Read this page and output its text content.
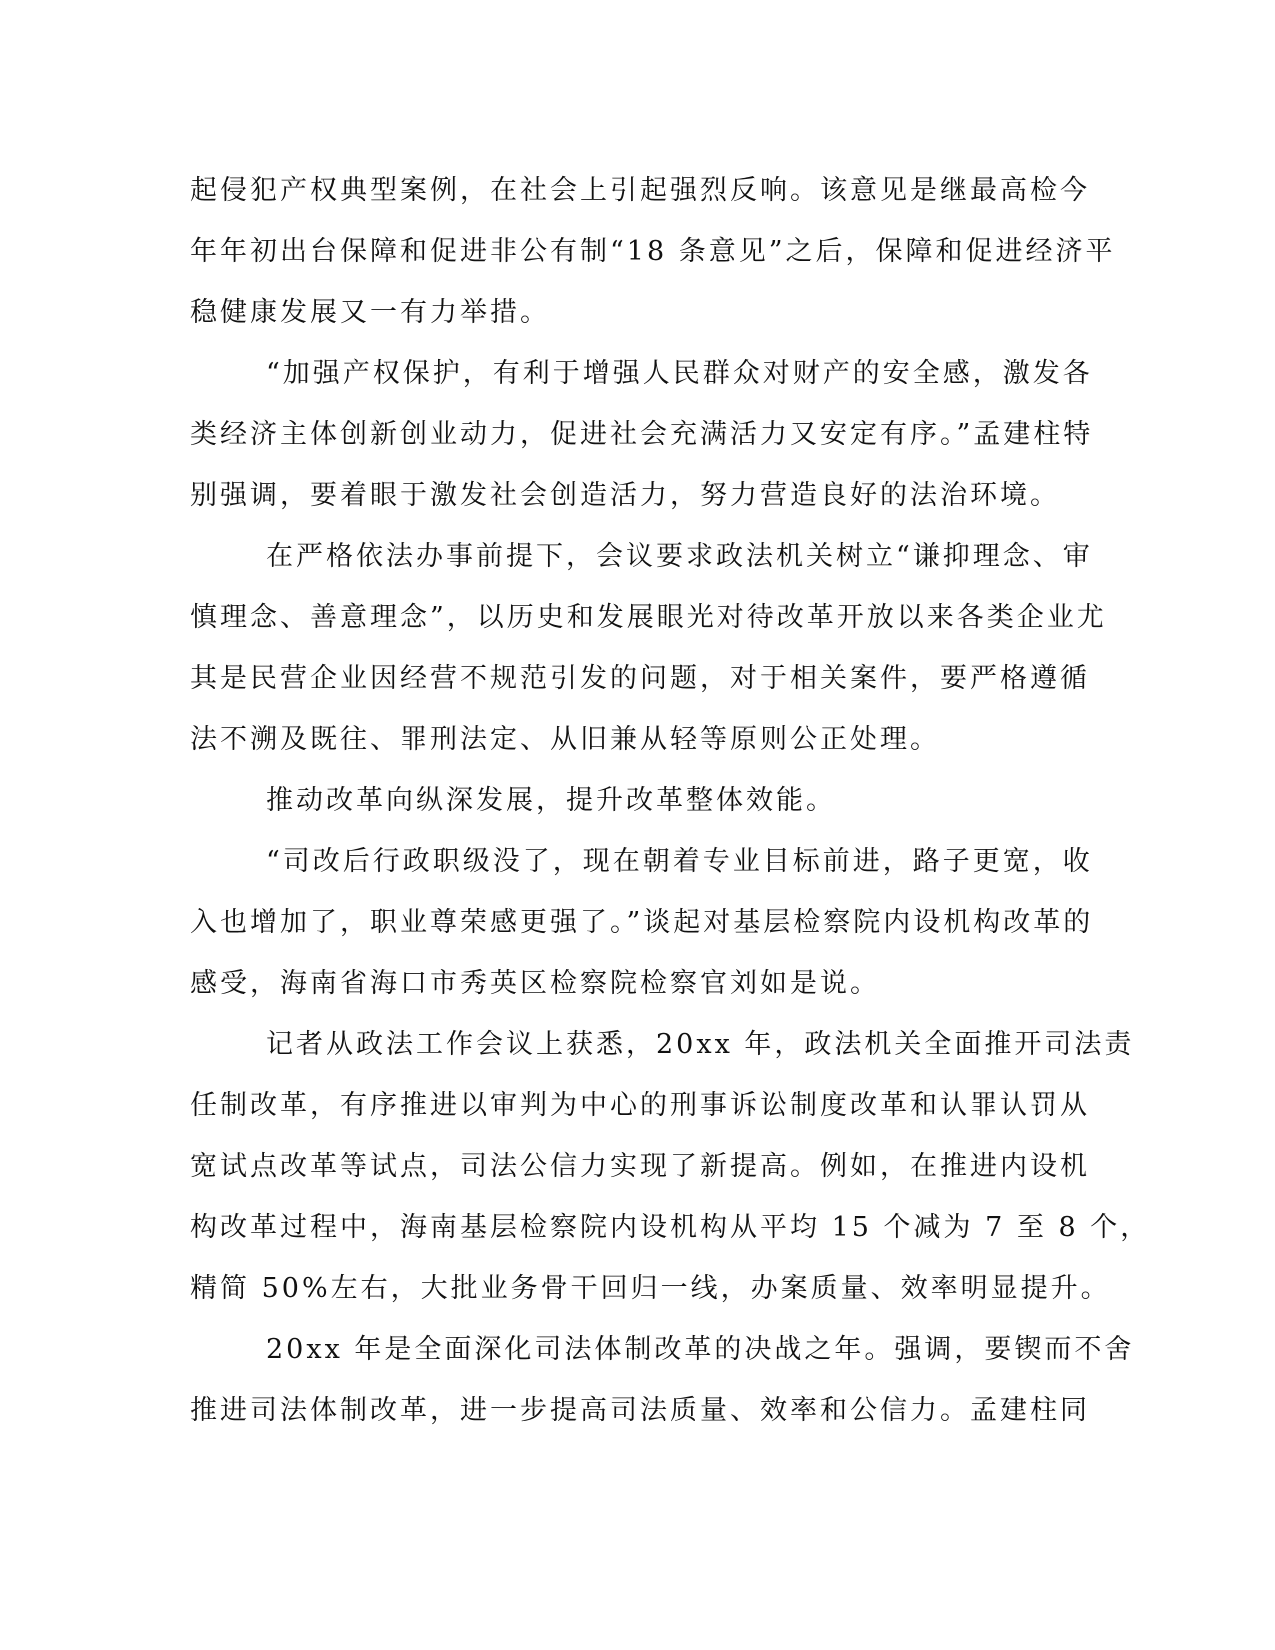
起侵犯产权典型案例，在社会上引起强烈反响。该意见是继最高检今
年年初出台保障和促进非公有制“18 条意见”之后，保障和促进经济平
稳健康发展又一有力举措。
“加强产权保护，有利于增强人民群众对财产的安全感，激发各
类经济主体创新创业动力，促进社会充满活力又安定有序。”孟建柱特
别强调，要着眼于激发社会创造活力，努力营造良好的法治环境。
在严格依法办事前提下，会议要求政法机关树立“谦抑理念、审
慎理念、善意理念”，以历史和发展眼光对待改革开放以来各类企业尤
其是民营企业因经营不规范引发的问题，对于相关案件，要严格遵循
法不溯及既往、罪刑法定、从旧兼从轻等原则公正处理。
推动改革向纵深发展，提升改革整体效能。
“司改后行政职级没了，现在朝着专业目标前进，路子更宽，收
入也增加了，职业尊荣感更强了。”谈起对基层检察院内设机构改革的
感受，海南省海口市秀英区检察院检察官刘如是说。
记者从政法工作会议上获悉，20xx 年，政法机关全面推开司法责
任制改革，有序推进以审判为中心的刑事诉讼制度改革和认罪认罚从
宽试点改革等试点，司法公信力实现了新提高。例如，在推进内设机
构改革过程中，海南基层检察院内设机构从平均 15 个减为 7 至 8 个，
精简 50%左右，大批业务骨干回归一线，办案质量、效率明显提升。
20xx 年是全面深化司法体制改革的决战之年。强调，要锲而不舍
推进司法体制改革，进一步提高司法质量、效率和公信力。孟建柱同
